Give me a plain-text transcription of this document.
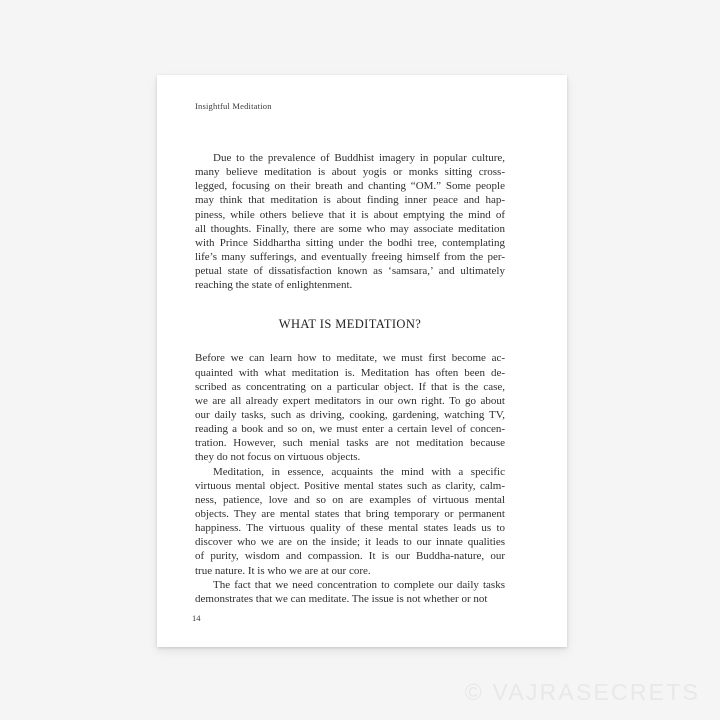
Insightful Meditation
Due to the prevalence of Buddhist imagery in popular culture,
many believe meditation is about yogis or monks sitting cross-
legged, focusing on their breath and chanting “OM.” Some people
may think that meditation is about finding inner peace and hap-
piness, while others believe that it is about emptying the mind of
all thoughts. Finally, there are some who may associate meditation
with Prince Siddhartha sitting under the bodhi tree, contemplating
life’s many sufferings, and eventually freeing himself from the per-
petual state of dissatisfaction known as ‘samsara,’ and ultimately
reaching the state of enlightenment.
WHAT IS MEDITATION?
Before we can learn how to meditate, we must first become ac-
quainted with what meditation is. Meditation has often been de-
scribed as concentrating on a particular object. If that is the case,
we are all already expert meditators in our own right. To go about
our daily tasks, such as driving, cooking, gardening, watching TV,
reading a book and so on, we must enter a certain level of concen-
tration. However, such menial tasks are not meditation because
they do not focus on virtuous objects.
Meditation, in essence, acquaints the mind with a specific
virtuous mental object. Positive mental states such as clarity, calm-
ness, patience, love and so on are examples of virtuous mental
objects. They are mental states that bring temporary or permanent
happiness. The virtuous quality of these mental states leads us to
discover who we are on the inside; it leads to our innate qualities
of purity, wisdom and compassion. It is our Buddha-nature, our
true nature. It is who we are at our core.
The fact that we need concentration to complete our daily tasks
demonstrates that we can meditate. The issue is not whether or not
14
© VAJRASECRETS
